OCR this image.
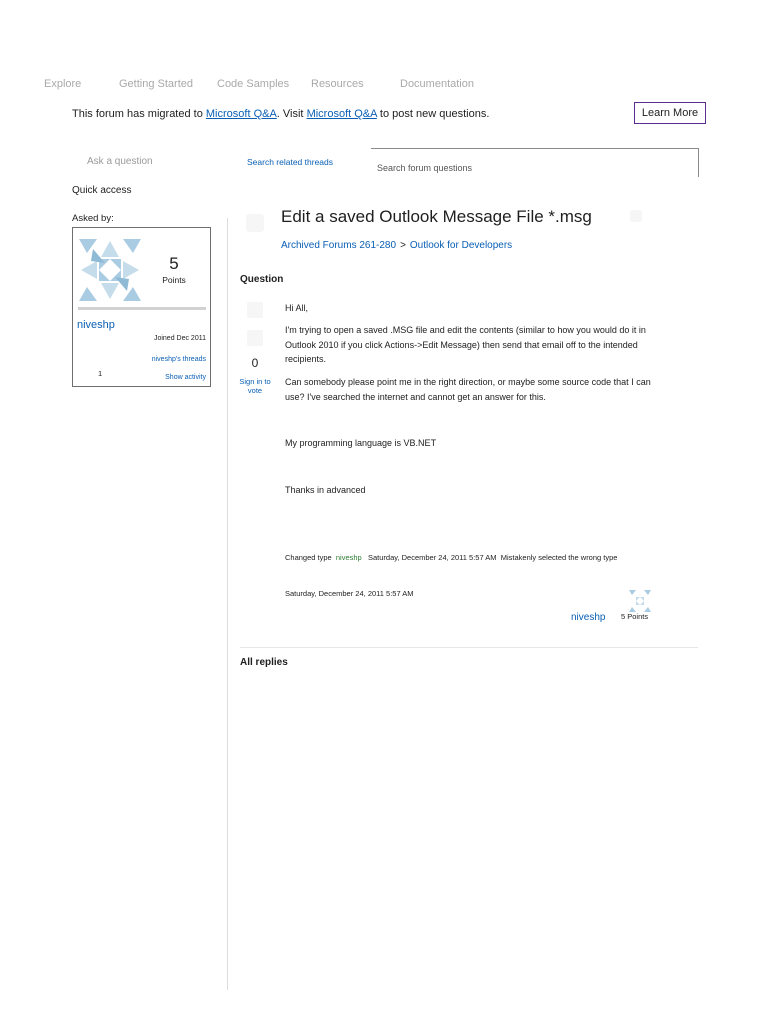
Explore	Getting Started Code Samples Resources	Documentation
This forum has migrated to Microsoft Q&A. Visit Microsoft Q&A to post new questions.	Learn More
Ask a question	Search related threads
Search forum questions
Quick access
Asked by:
5
Points
niveshp
Joined Dec 2011
niveshp's threads
1	Show activity
Edit a saved Outlook Message File *.msg
Archived Forums 261-280 > Outlook for Developers
Question
0
Sign in to vote

Hi All,

I'm trying to open a saved .MSG file and edit the contents (similar to how you would do it in Outlook 2010 if you click Actions->Edit Message) then send that email off to the intended recipients.

Can somebody please point me in the right direction, or maybe some source code that I can use? I've searched the internet and cannot get an answer for this.

My programming language is VB.NET

Thanks in advanced

Changed type niveshp Saturday, December 24, 2011 5:57 AM Mistakenly selected the wrong type
Saturday, December 24, 2011 5:57 AM
niveshp 5 Points
All replies
